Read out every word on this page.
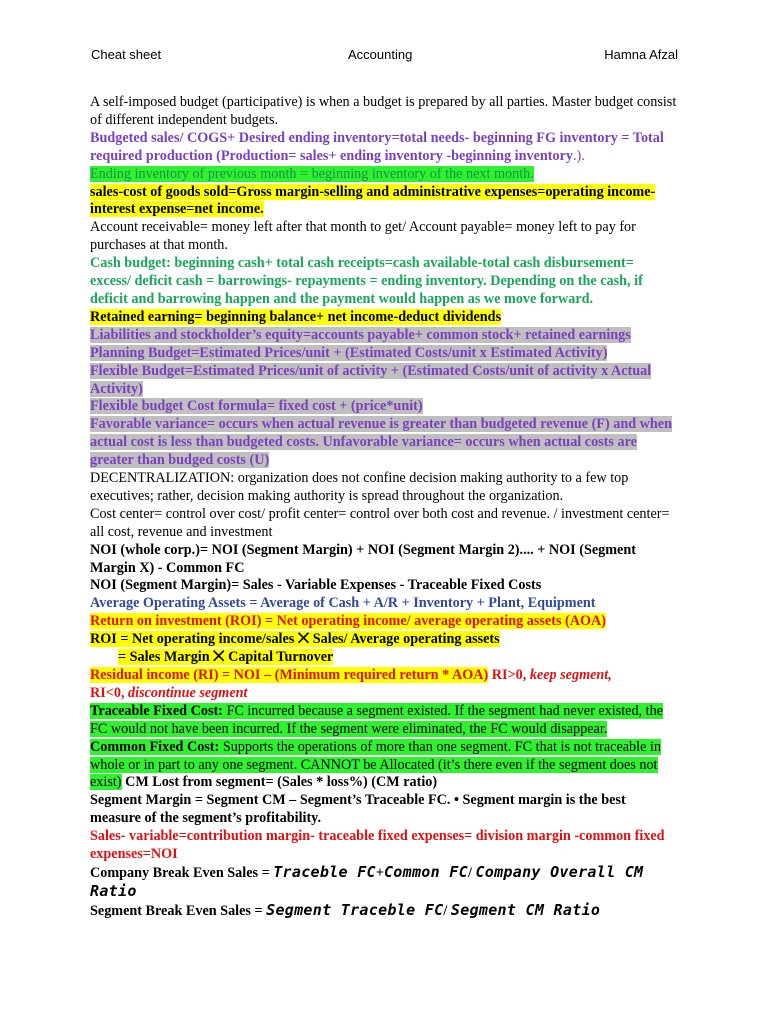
Cheat sheet	Accounting	Hamna Afzal

A self-imposed budget (participative) is when a budget is prepared by all parties. Master budget consist of different independent budgets.

Budgeted sales/ COGS+ Desired ending inventory=total needs- beginning FG inventory = Total required production (Production= sales+ ending inventory -beginning inventory.).

Ending inventory of previous month = beginning inventory of the next month.

sales-cost of goods sold=Gross margin-selling and administrative expenses=operating income-interest expense=net income.

Account receivable= money left after that month to get/ Account payable= money left to pay for purchases at that month.

Cash budget: beginning cash+ total cash receipts=cash available-total cash disbursement= excess/ deficit cash = barrowings- repayments = ending inventory. Depending on the cash, if deficit and barrowing happen and the payment would happen as we move forward.

Retained earning= beginning balance+ net income-deduct dividends

Liabilities and stockholder’s equity=accounts payable+ common stock+ retained earnings

Planning Budget=Estimated Prices/unit + (Estimated Costs/unit x Estimated Activity)

Flexible Budget=Estimated Prices/unit of activity + (Estimated Costs/unit of activity x Actual Activity)

Flexible budget Cost formula= fixed cost + (price*unit)

Favorable variance= occurs when actual revenue is greater than budgeted revenue (F) and when actual cost is less than budgeted costs. Unfavorable variance= occurs when actual costs are greater than budged costs (U)

DECENTRALIZATION: organization does not confine decision making authority to a few top executives; rather, decision making authority is spread throughout the organization.

Cost center= control over cost/ profit center= control over both cost and revenue. / investment center= all cost, revenue and investment

NOI (whole corp.)= NOI (Segment Margin) + NOI (Segment Margin 2).... + NOI (Segment Margin X) - Common FC

NOI (Segment Margin)= Sales - Variable Expenses - Traceable Fixed Costs

Average Operating Assets = Average of Cash + A/R + Inventory + Plant, Equipment

Return on investment (ROI) = Net operating income/ average operating assets (AOA)

ROI = Net operating income/sales ⨉ Sales/ Average operating assets

= Sales Margin ⨉ Capital Turnover

Residual income (RI) = NOI – (Minimum required return * AOA) RI>0, keep segment,
RI<0, discontinue segment

Traceable Fixed Cost: FC incurred because a segment existed. If the segment had never existed, the FC would not have been incurred. If the segment were eliminated, the FC would disappear.

Common Fixed Cost: Supports the operations of more than one segment. FC that is not traceable in whole or in part to any one segment. CANNOT be Allocated (it’s there even if the segment does not exist) CM Lost from segment= (Sales * loss%) (CM ratio)

Segment Margin = Segment CM – Segment’s Traceable FC. • Segment margin is the best measure of the segment’s profitability.

Sales- variable=contribution margin- traceable fixed expenses= division margin -common fixed expenses=NOI

Company Break Even Sales = Traceble FC+Common FC/ Company Overall CM Ratio

Segment Break Even Sales = Segment Traceble FC/ Segment CM Ratio
